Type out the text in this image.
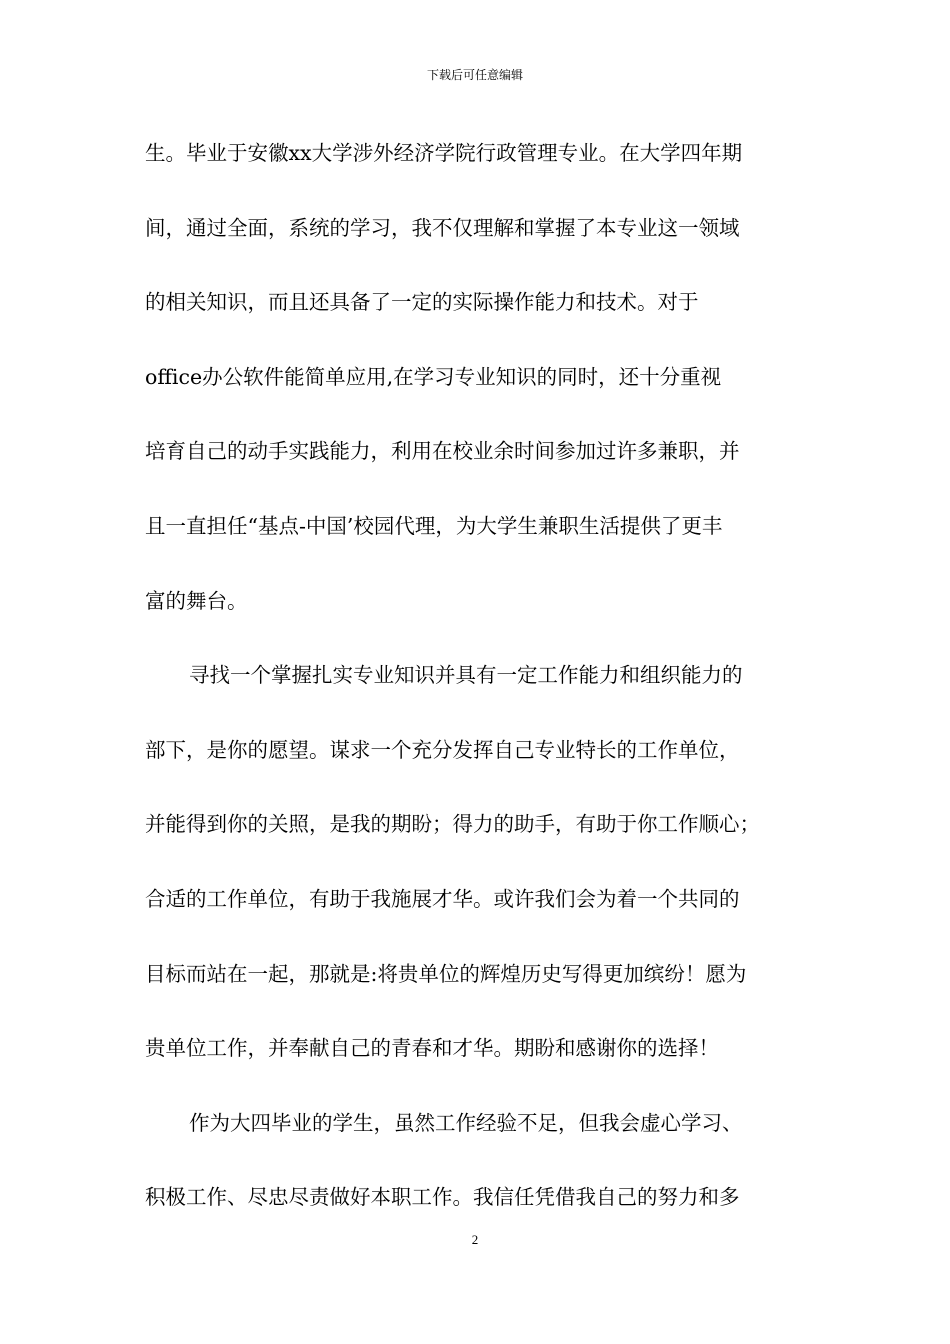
下载后可任意编辑
生。毕业于安徽xx大学涉外经济学院行政管理专业。在大学四年期
间，通过全面，系统的学习，我不仅理解和掌握了本专业这一领域
的相关知识，而且还具备了一定的实际操作能力和技术。对于
office办公软件能简单应用,在学习专业知识的同时，还十分重视
培育自己的动手实践能力，利用在校业余时间参加过许多兼职，并
且一直担任“基点-中国’校园代理，为大学生兼职生活提供了更丰
富的舞台。
寻找一个掌握扎实专业知识并具有一定工作能力和组织能力的
部下，是你的愿望。谋求一个充分发挥自己专业特长的工作单位，
并能得到你的关照，是我的期盼；得力的助手，有助于你工作顺心；
合适的工作单位，有助于我施展才华。或许我们会为着一个共同的
目标而站在一起，那就是:将贵单位的辉煌历史写得更加缤纷！愿为
贵单位工作，并奉献自己的青春和才华。期盼和感谢你的选择！
作为大四毕业的学生，虽然工作经验不足，但我会虚心学习、
积极工作、尽忠尽责做好本职工作。我信任凭借我自己的努力和多
2
